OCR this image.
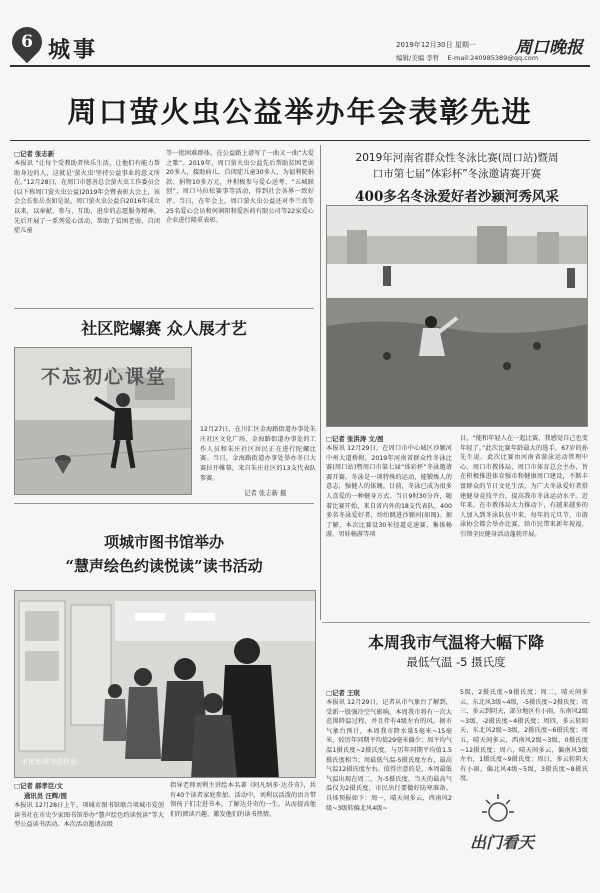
6 城事	2019年12月30日 星期一 周口晚报
编辑/美编 李哲 E-mail:240985389@qq.com
周口萤火虫公益举办年会表彰先进
□记者 张志新
本报讯 “让每个受教助者快乐生活，让他们有能力帮助身边的人，这就是‘萤火虫’坚持公益事业的意义所在。”12月28日，在周口市慈善总会萤火虫工作委员会(以下称周口萤火虫公益)2019年会暨表彰大会上，该会会长张岳杰如是说。周口萤火虫公益自2016年成立以来，以奉献、参与、互助、进步的志愿服务精神，先后开展了一系列爱心活动，帮助了贫困老弱、自闭症儿童
等一批困难群体，在公益路上谱写了一曲又一曲“大爱之歌”。2019年，周口萤火虫公益先后帮助贫困老弱20多人，接助病儿、自闭症儿童30多人，为福利院捐款、捐物10多万元，并积极参与爱心送考、“五城联创”、周口马拉松赛事等活动，得到社会各界一致好评。当日，在年会上，周口萤火虫公益还对李兰真等25名爱心会员和何润阳和爱医药有限公司等22家爱心企业进行隆重表彰。
社区陀螺赛 众人展才艺
不忘初心课堂
12月27日，在川汇区金海路街道办事处朱庄社区文化广场，金海路街道办事处的工作人员和朱庄社区居民正在进行陀螺比赛。当日，金海路街道办事处举办冬日大赛拉开帷幕，来自朱庄社区的13支代表队参赛。
记者 张志新 摄
项城市图书馆举办
“慧声绘色约读悦读”读书活动
市民参观书法作品
□记者 郝孝臣/文
通讯员 汪辉/图
本报讯 12月28日上午，项城市图书馆联合项城市爱创读书社在市史少家图书馆举办“慧声绘色约读悦读”等大型公益读书活动。本次活动邀请高级
指导老师刘利主讲绘本名著《阿凡纳多·达芬奇》，共有40个读者家庭参加。活动中，刘利以活泼的语言带领孩子们走进书本，了解达芬奇的一生，从而提高他们的阅读兴趣，激发他们的读书热情。
2019年河南省群众性冬泳比赛(周口站)暨周
口市第七届“体彩杯”冬泳邀请赛开赛
400多名冬泳爱好者沙颍河秀风采
□记者 张洪涛 文/图
本报讯 12月29日，在周口市中心城区沙颍河中州大道桥附，2019年河南省群众性冬泳比赛(周口站)暨周口市第七届“体彩杯”冬泳邀请赛开赛。冬泳是一项特殊的运动，能锻炼人的意志，强健人的体魄。目前，冬泳已成为很多人喜爱的一种健身方式。当日9时30分许，随着比赛开始，来自省内外的18支代表队，400多名冬泳爱好者，纷纷跳进沙颍河(如图)。据了解，本次比赛设30米径道竞速赛、集体畅游、男娃畅游等项
目。“能和年轻人在一起比赛，我感觉自己也变年轻了。”此次比赛年龄最大的选手，67岁的孙先生说。此次比赛由河南省游泳运动管理中心、周口市教体局、周口市体育总会主办，旨在积极推进体育强市和健康周口建设，不断丰富群众的节日文化生活，为广大冬泳爱好者搭建健身竞技平台，提高我市冬泳运动水平。近年来，在市教体局大力推动下，有越来越多的人加入到冬泳队伍中来，每年的元旦节，市游泳协会都会举办比赛，给市民带来新年祝福，引领全民健身活动蓬勃开展。
本周我市气温将大幅下降
最低气温 -5 摄氏度
□记者 王珉
本报讯 12月29日，记者从市气象台了解到，受新一股强冷空气影响，本周我市将有一次大范围降温过程，并且伴有4级左右的风。据市气象台预计，本周我市降水量5毫米~15毫米，较历年同期平均值29毫米偏少；周平均气温1摄氏度~2摄氏度，与历年同期平均值1.5摄氏度相当；周最低气温-5摄氏度左右，最高气温12摄氏度左右。值得注意的是，本周最低气温出现在周二，为-5摄氏度，当天的最高气温仅为2摄氏度，市民出行要做好防寒准备。具体预报如下：周一，晴天间多云，西南风2级~3级转偏北风4级~
5级，2摄氏度~9摄氏度；周二，晴天间多云，东北风3级~4级，-5摄氏度~2摄氏度；周三，多云到阴天，部分地区有小雨，东南风2级~3级，-2摄氏度~4摄氏度；周四，多云转阴天，东北风2级~3级，2摄氏度~6摄氏度；周五，晴天间多云，西南风2级~3级，0摄氏度~12摄氏度；周六，晴天间多云，偏南风3级左右，1摄氏度~9摄氏度；周日，多云转阴天有小雨，偏北风4级~5级，3摄氏度~8摄氏度。
出门看天
